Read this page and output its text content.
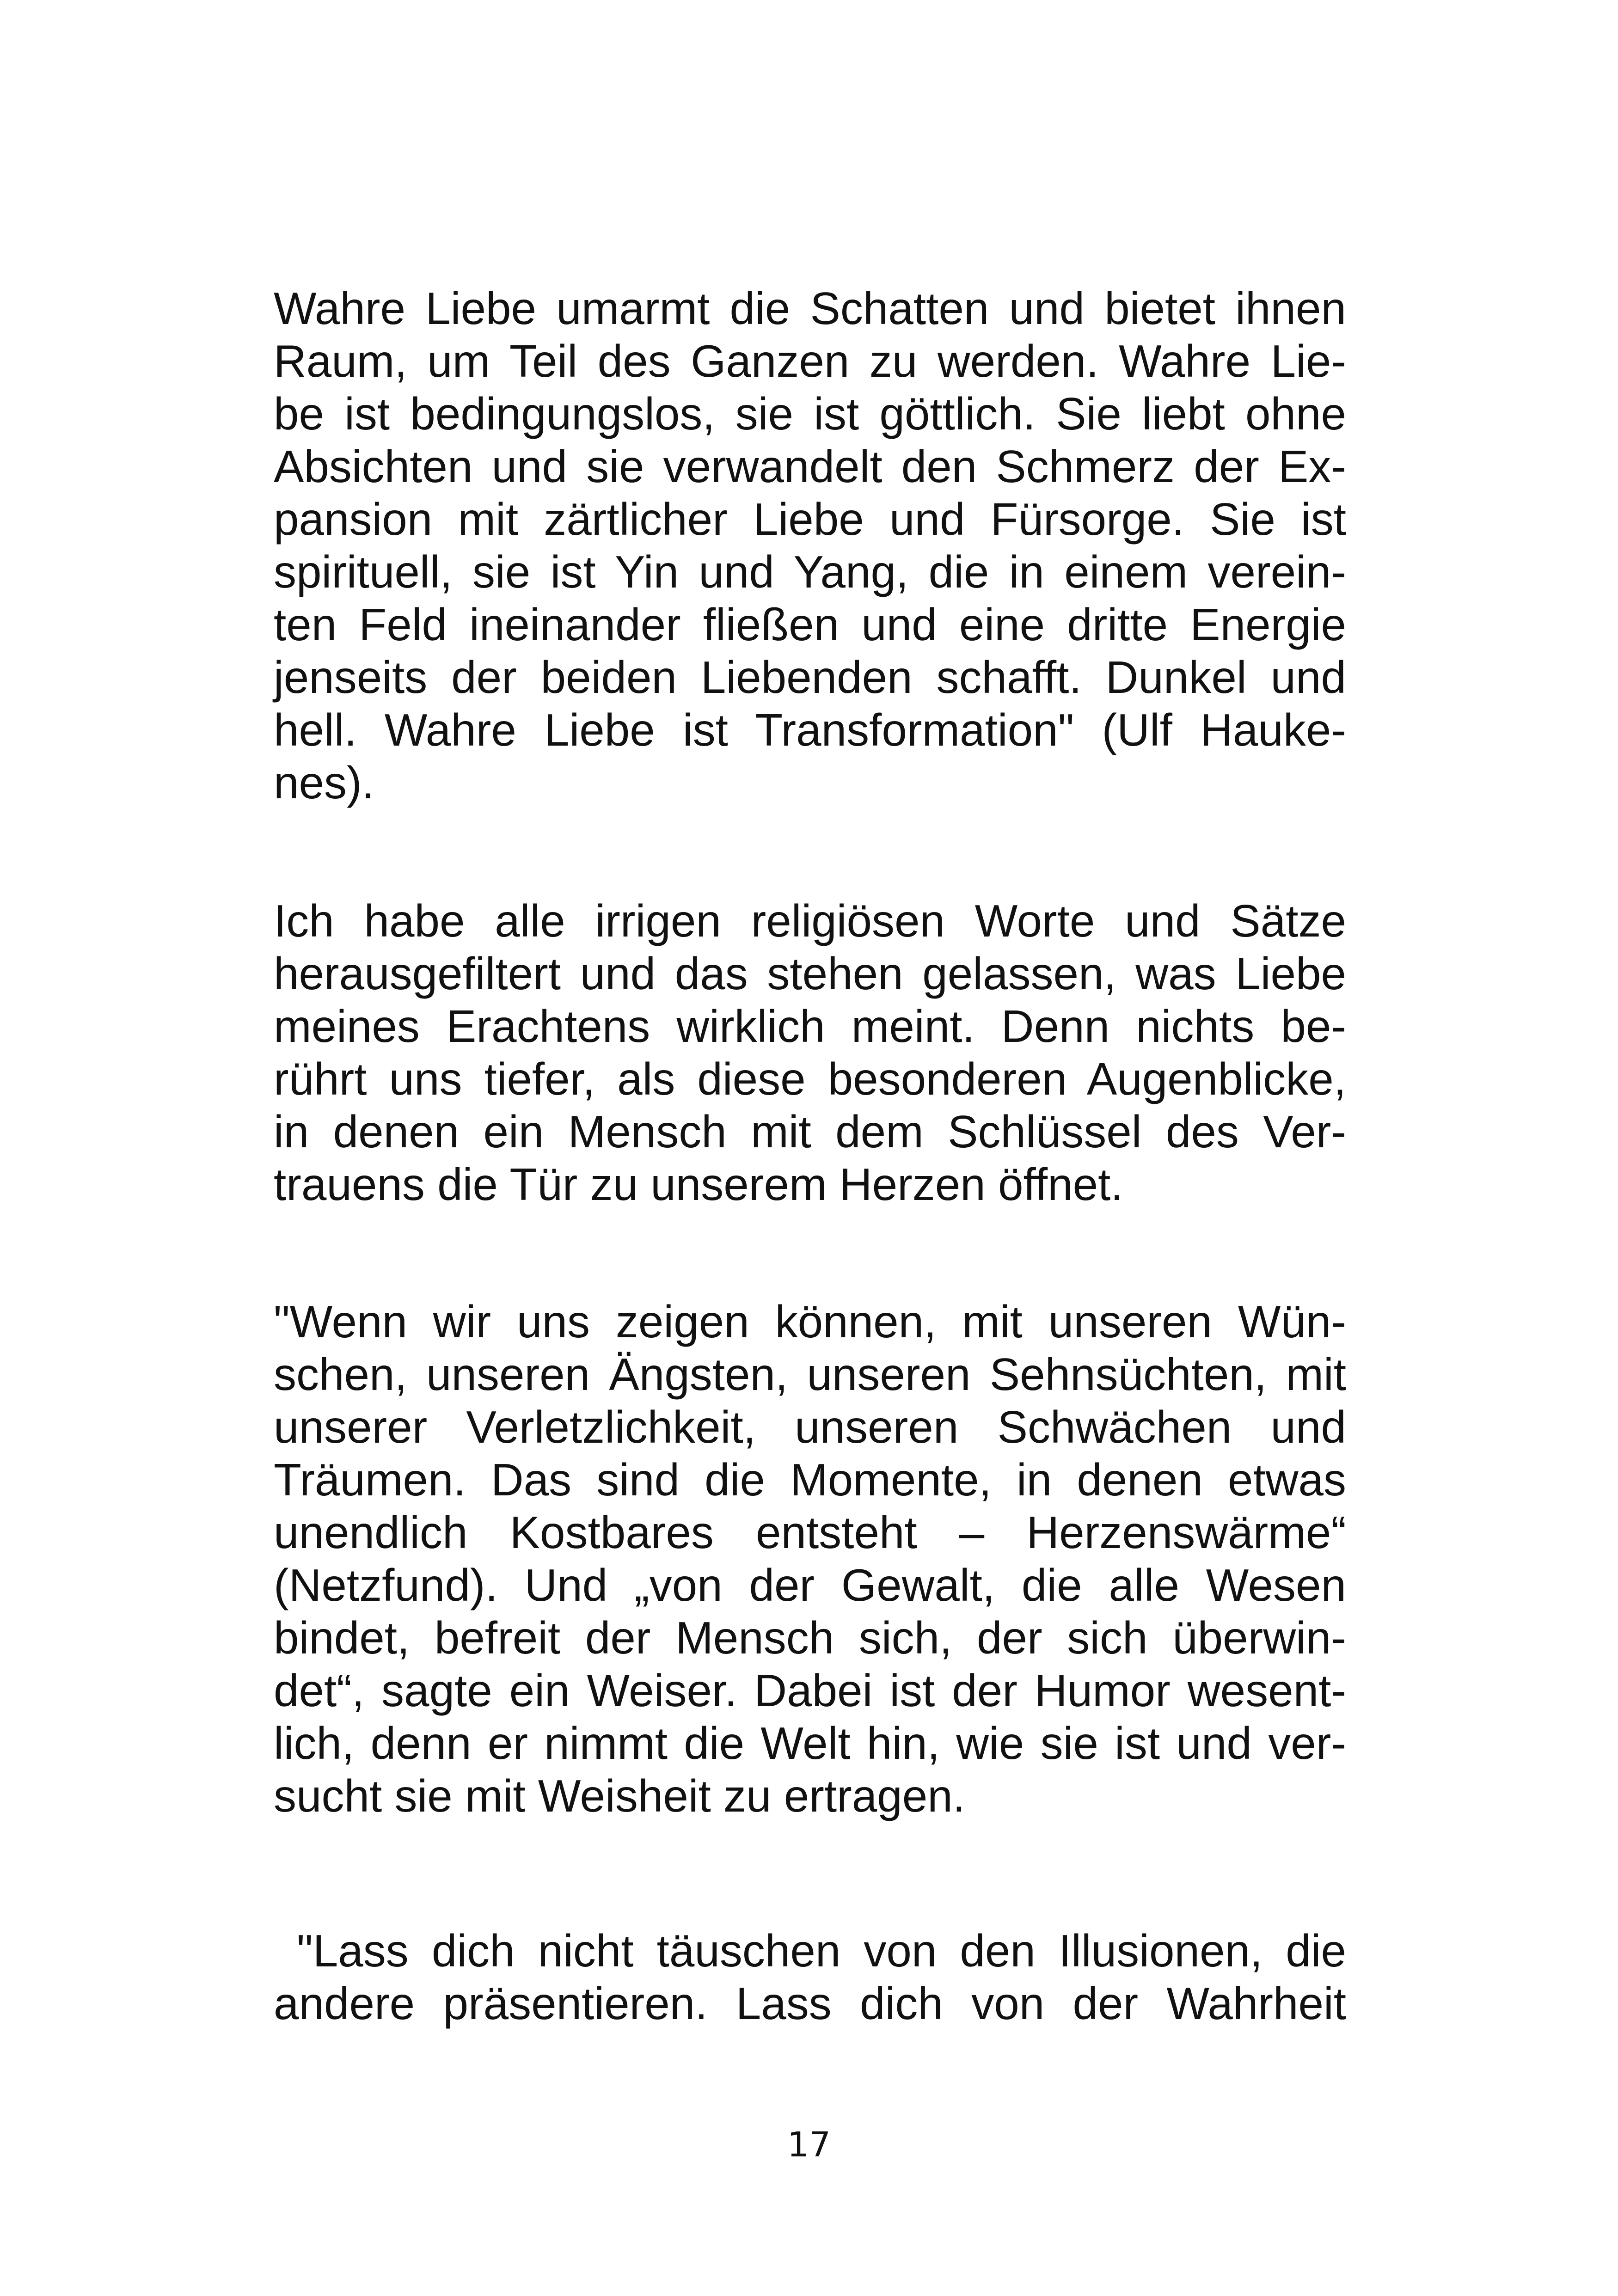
Wahre Liebe umarmt die Schatten und bietet ihnen
Raum, um Teil des Ganzen zu werden. Wahre Lie-
be ist bedingungslos, sie ist göttlich. Sie liebt ohne
Absichten und sie verwandelt den Schmerz der Ex-
pansion mit zärtlicher Liebe und Fürsorge. Sie ist
spirituell, sie ist Yin und Yang, die in einem verein-
ten Feld ineinander fließen und eine dritte Energie
jenseits der beiden Liebenden schafft. Dunkel und
hell. Wahre Liebe ist Transformation" (Ulf Hauke-
nes).
Ich habe alle irrigen religiösen Worte und Sätze
herausgefiltert und das stehen gelassen, was Liebe
meines Erachtens wirklich meint. Denn nichts be-
rührt uns tiefer, als diese besonderen Augenblicke,
in denen ein Mensch mit dem Schlüssel des Ver-
trauens die Tür zu unserem Herzen öffnet.
"Wenn wir uns zeigen können, mit unseren Wün-
schen, unseren Ängsten, unseren Sehnsüchten, mit
unserer Verletzlichkeit, unseren Schwächen und
Träumen. Das sind die Momente, in denen etwas
unendlich Kostbares entsteht – Herzenswärme“
(Netzfund). Und „von der Gewalt, die alle Wesen
bindet, befreit der Mensch sich, der sich überwin-
det“, sagte ein Weiser. Dabei ist der Humor wesent-
lich, denn er nimmt die Welt hin, wie sie ist und ver-
sucht sie mit Weisheit zu ertragen.
"Lass dich nicht täuschen von den Illusionen, die
andere präsentieren. Lass dich von der Wahrheit
17
